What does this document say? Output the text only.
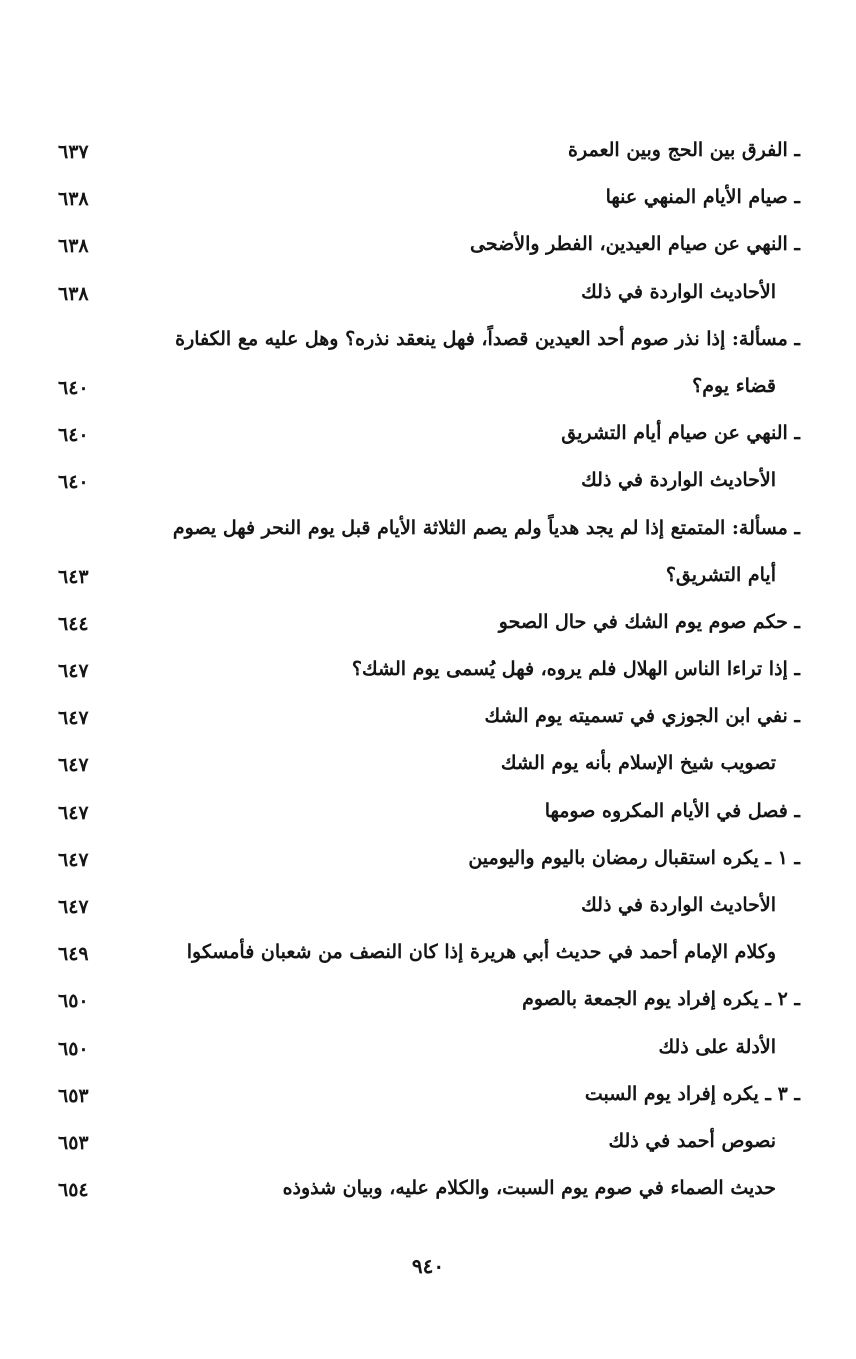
ـ الفرق بين الحج وبين العمرة
٦٣٧
ـ صيام الأيام المنهي عنها
٦٣٨
ـ النهي عن صيام العيدين، الفطر والأضحى
٦٣٨
الأحاديث الواردة في ذلك
٦٣٨
ـ مسألة: إذا نذر صوم أحد العيدين قصداً، فهل ينعقد نذره؟ وهل عليه مع الكفارة
قضاء يوم؟
٦٤٠
ـ النهي عن صيام أيام التشريق
٦٤٠
الأحاديث الواردة في ذلك
٦٤٠
ـ مسألة: المتمتع إذا لم يجد هدياً ولم يصم الثلاثة الأيام قبل يوم النحر فهل يصوم
أيام التشريق؟
٦٤٣
ـ حكم صوم يوم الشك في حال الصحو
٦٤٤
ـ إذا تراءا الناس الهلال فلم يروه، فهل يُسمى يوم الشك؟
٦٤٧
ـ نفي ابن الجوزي في تسميته يوم الشك
٦٤٧
تصويب شيخ الإسلام بأنه يوم الشك
٦٤٧
ـ فصل في الأيام المكروه صومها
٦٤٧
ـ ١ ـ يكره استقبال رمضان باليوم واليومين
٦٤٧
الأحاديث الواردة في ذلك
٦٤٧
وكلام الإمام أحمد في حديث أبي هريرة إذا كان النصف من شعبان فأمسكوا
٦٤٩
ـ ٢ ـ يكره إفراد يوم الجمعة بالصوم
٦٥٠
الأدلة على ذلك
٦٥٠
ـ ٣ ـ يكره إفراد يوم السبت
٦٥٣
نصوص أحمد في ذلك
٦٥٣
حديث الصماء في صوم يوم السبت، والكلام عليه، وبيان شذوذه
٦٥٤
٩٤٠
